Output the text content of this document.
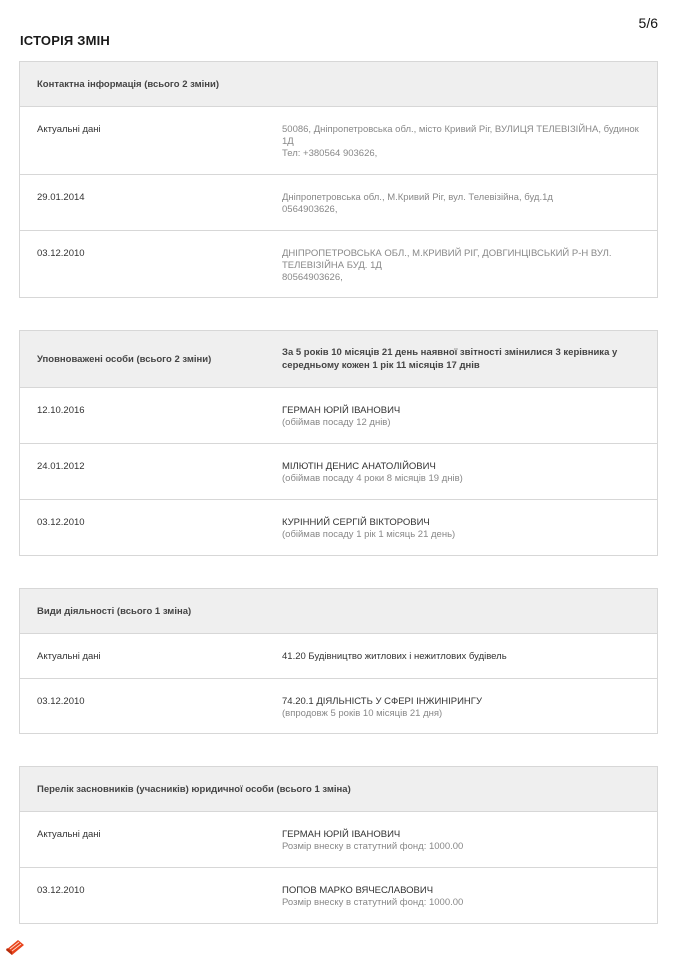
5/6
ІСТОРІЯ ЗМІН
Контактна інформація (всього 2 зміни)
Актуальні дані	50086, Дніпропетровська обл., місто Кривий Ріг, ВУЛИЦЯ ТЕЛЕВІЗІЙНА, будинок
1Д
Тел: +380564 903626,
29.01.2014	Дніпропетровська обл., М.Кривий Ріг, вул. Телевізійна, буд.1д
0564903626,
03.12.2010	ДНІПРОПЕТРОВСЬКА ОБЛ., М.КРИВИЙ РІГ, ДОВГИНЦІВСЬКИЙ Р-Н ВУЛ.
ТЕЛЕВІЗІЙНА БУД. 1Д
80564903626,
Уповноважені особи (всього 2 зміни)
За 5 років 10 місяців 21 день наявної звітності змінилися 3 керівника у
середньому кожен 1 рік 11 місяців 17 днів
12.10.2016	ГЕРМАН ЮРІЙ ІВАНОВИЧ
(обіймав посаду 12 днів)
24.01.2012	МІЛЮТІН ДЕНИС АНАТОЛІЙОВИЧ
(обіймав посаду 4 роки 8 місяців 19 днів)
03.12.2010	КУРІННИЙ СЕРГІЙ ВІКТОРОВИЧ
(обіймав посаду 1 рік 1 місяць 21 день)
Види діяльності (всього 1 зміна)
Актуальні дані	41.20 Будівництво житлових і нежитлових будівель
03.12.2010	74.20.1 ДІЯЛЬНІСТЬ У СФЕРІ ІНЖИНІРИНГУ
(впродовж 5 років 10 місяців 21 дня)
Перелік засновників (учасників) юридичної особи (всього 1 зміна)
Актуальні дані	ГЕРМАН ЮРІЙ ІВАНОВИЧ
Розмір внеску в статутний фонд: 1000.00
03.12.2010	ПОПОВ МАРКО ВЯЧЕСЛАВОВИЧ
Розмір внеску в статутний фонд: 1000.00
